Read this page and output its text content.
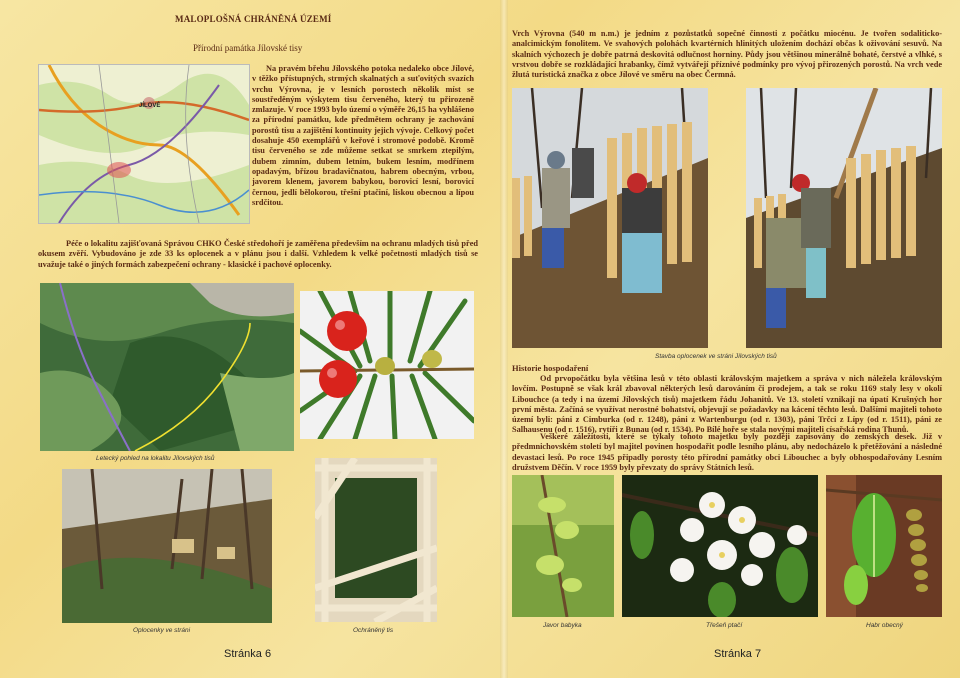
MALOPLOŠNÁ CHRÁNĚNÁ ÚZEMÍ
Přírodní památka Jílovské tisy
JÍLOVÉ
Na pravém břehu Jílovského potoka nedaleko obce Jílové, v těžko přístupných, strmých skalnatých a suťovitých svazích vrchu Výrovna, je v lesních porostech několik míst se soustředěným výskytem tisu červeného, který tu přirozeně zmlazuje. V roce 1993 bylo území o výměře 26,15 ha vyhlášeno za přírodní památku, kde předmětem ochrany je zachování porostů tisu a zajištění kontinuity jejich vývoje. Celkový počet dosahuje 450 exemplářů v keřové i stromové podobě. Kromě tisu červeného se zde můžeme setkat se smrkem ztepilým, dubem zimním, dubem letním, bukem lesním, modřínem opadavým, břízou bradavičnatou, habrem obecným, vrbou, javorem klenem, javorem babykou, borovicí lesní, borovicí černou, jedlí bělokorou, třešní ptačiní, lískou obecnou a lípou srdčitou.
Péče o lokalitu zajišťovaná Správou CHKO České středohoří je zaměřena především na ochranu mladých tisů před okusem zvěří. Vybudováno je zde 33 ks oplocenek a v plánu jsou i další. Vzhledem k velké početnosti mladých tisů se uvažuje také o jiných formách zabezpečení ochrany - klasické i pachové oplocenky.
Letecký pohled na lokalitu Jílovských tisů
Oplocenky ve stráni	Ochráněný tis
Stránka 6
Vrch Výrovna (540 m n.m.) je jedním z pozůstatků sopečné činnosti z počátku miocénu. Je tvořen sodaliticko-analcimickým fonolitem. Ve svahových polohách kvartérních hlinitých uložením dochází občas k oživování sesuvů. Na skalních výchozech je dobře patrná deskovitá odlučnost horniny. Půdy jsou většinou minerálně bohaté, čerstvé a vlhké, s vrstvou dobře se rozkládající hrabanky, čímž vytvářejí příznivé podmínky pro vývoj přirozených porostů. Na vrch vede žlutá turistická značka z obce Jílové ve směru na obec Čermná.
Stavba oplocenek ve stráni Jílovských tisů
Historie hospodaření
Od prvopočátku byla většina lesů v této oblasti královským majetkem a správa v nich náležela královským lovčím. Postupně se však král zbavoval některých lesů darováním či prodejem, a tak se roku 1169 staly lesy v okolí Libouchce (a tedy i na území Jílovských tisů) majetkem řádu Johanitů. Ve 13. století vznikají na úpatí Krušných hor první města. Začíná se využívat nerostné bohatství, objevují se požadavky na kácení těchto lesů. Dalšími majiteli tohoto území byli: páni z Cimburka (od r. 1248), páni z Wartenburgu (od r. 1303), páni Trčci z Lípy (od r. 1511), páni ze Salhausenu (od r. 1516), rytíři z Bunau (od r. 1534). Po Bílé hoře se stala novými majiteli císařská rodina Thunů.
Veškeré záležitosti, které se týkaly tohoto majetku byly později zapisovány do zemských desek. Již v předmnichovském století byl majitel povinen hospodařit podle lesního plánu, aby nedocházelo k přetěžování a následné devastaci lesů. Po roce 1945 připadly porosty této přírodní památky obci Libouchec a byly obhospodařovány Lesním družstvem Děčín. V roce 1959 byly převzaty do správy Státních lesů.
Javor babyka	Třešeň ptačí	Habr obecný
Stránka 7
